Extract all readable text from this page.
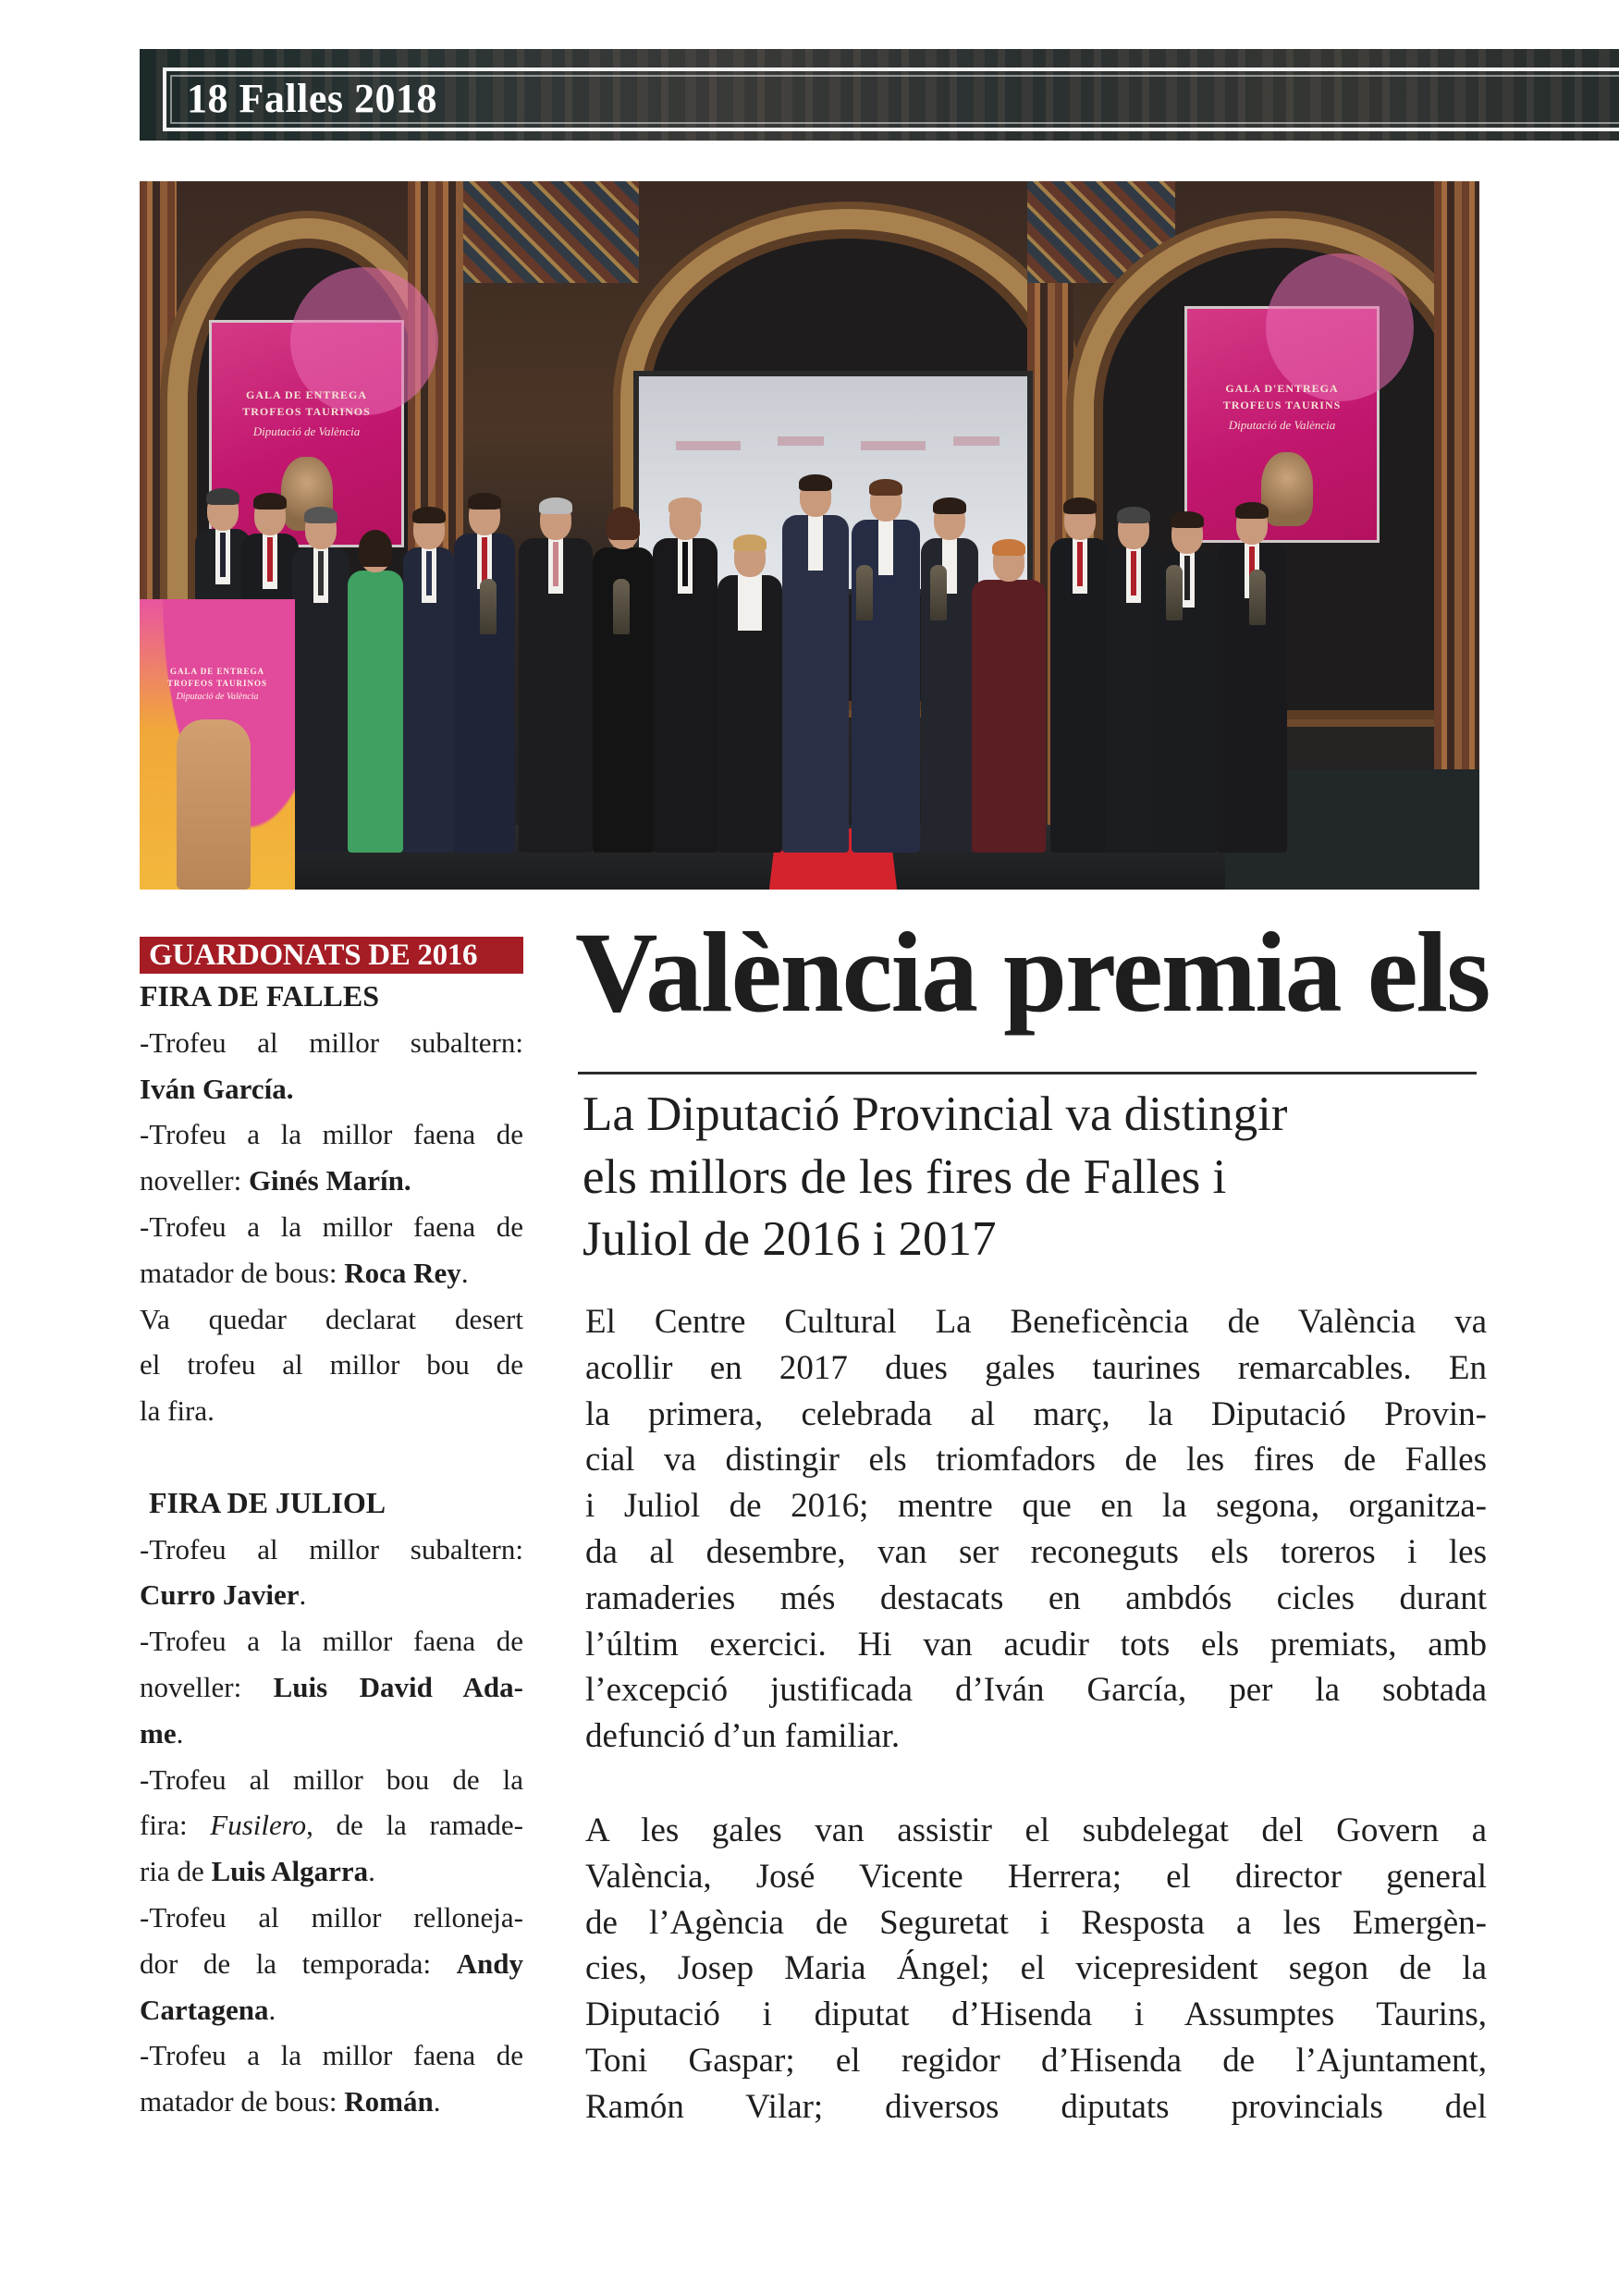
18 Falles 2018
GALA DE ENTREGA
TROFEOS TAURINOS
Diputació de València
GALA D'ENTREGA
TROFEUS TAURINS
Diputació de València
GALA DE ENTREGA
TROFEOS TAURINOS
Diputació de València
GUARDONATS DE 2016
FIRA DE FALLES
-Trofeu al millor subaltern:
Iván García.
-Trofeu a la millor faena de
noveller: Ginés Marín.
-Trofeu a la millor faena de
matador de bous: Roca Rey.
Va quedar declarat desert
el trofeu al millor bou de
la fira.
FIRA DE JULIOL
-Trofeu al millor subaltern:
Curro Javier.
-Trofeu a la millor faena de
noveller: Luis David Ada-
me.
-Trofeu al millor bou de la
fira: Fusilero, de la ramade-
ria de Luis Algarra.
-Trofeu al millor relloneja-
dor de la temporada: Andy
Cartagena.
-Trofeu a la millor faena de
matador de bous: Román.
València premia els
La Diputació Provincial va distingir
els millors de les fires de Falles i
Juliol de 2016 i 2017
El Centre Cultural La Beneficència de València va
acollir en 2017 dues gales taurines remarcables. En
la primera, celebrada al març, la Diputació Provin-
cial va distingir els triomfadors de les fires de Falles
i Juliol de 2016; mentre que en la segona, organitza-
da al desembre, van ser reconeguts els toreros i les
ramaderies més destacats en ambdós cicles durant
l’últim exercici. Hi van acudir tots els premiats, amb
l’excepció justificada d’Iván García, per la sobtada
defunció d’un familiar.
A les gales van assistir el subdelegat del Govern a
València, José Vicente Herrera; el director general
de l’Agència de Seguretat i Resposta a les Emergèn-
cies, Josep Maria Ángel; el vicepresident segon de la
Diputació i diputat d’Hisenda i Assumptes Taurins,
Toni Gaspar; el regidor d’Hisenda de l’Ajuntament,
Ramón Vilar; diversos diputats provincials del
